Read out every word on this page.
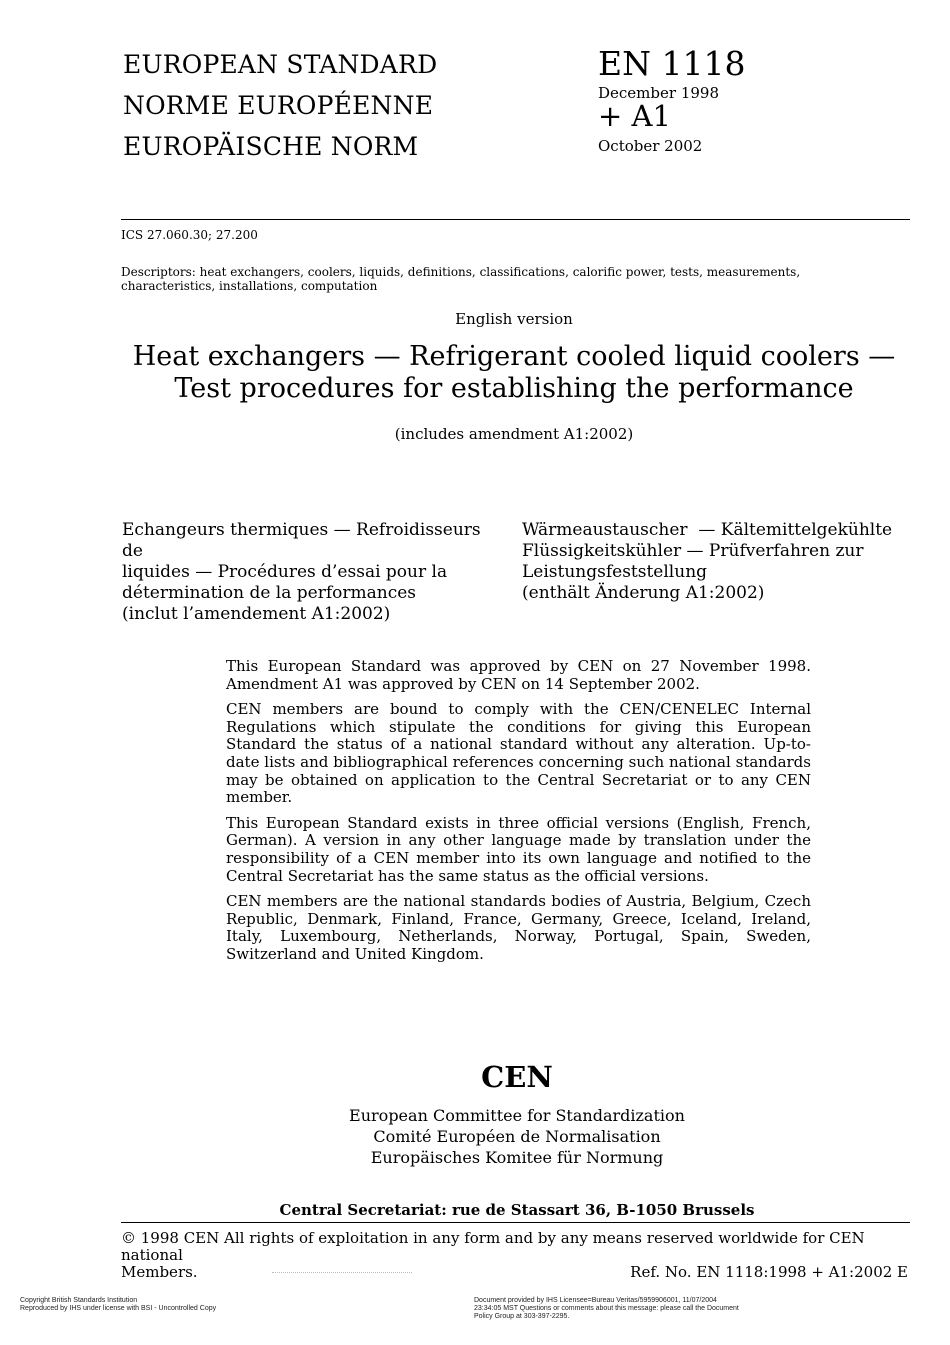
EUROPEAN STANDARD
NORME EUROPÉENNE
EUROPÄISCHE NORM
EN 1118
December 1998
+ A1
October 2002
ICS 27.060.30; 27.200
Descriptors: heat exchangers, coolers, liquids, definitions, classifications, calorific power, tests, measurements, characteristics, installations, computation
English version
Heat exchangers — Refrigerant cooled liquid coolers — Test procedures for establishing the performance
(includes amendment A1:2002)
Echangeurs thermiques — Refroidisseurs de
liquides — Procédures d’essai pour la
détermination de la performances
(inclut l’amendement A1:2002)
Wärmeaustauscher  — Kältemittelgekühlte
Flüssigkeitskühler — Prüfverfahren zur
Leistungsfeststellung
(enthält Änderung A1:2002)

This European Standard was approved by CEN on 27 November 1998. Amendment A1 was approved by CEN on 14 September 2002.

CEN members are bound to comply with the CEN/CENELEC Internal Regulations which stipulate the conditions for giving this European Standard the status of a national standard without any alteration. Up-to-date lists and bibliographical references concerning such national standards may be obtained on application to the Central Secretariat or to any CEN member.

This European Standard exists in three official versions (English, French, German). A version in any other language made by translation under the responsibility of a CEN member into its own language and notified to the Central Secretariat has the same status as the official versions.

CEN members are the national standards bodies of Austria, Belgium, Czech Republic, Denmark, Finland, France, Germany, Greece, Iceland, Ireland, Italy, Luxembourg, Netherlands, Norway, Portugal, Spain, Sweden, Switzerland and United Kingdom.

CEN
European Committee for Standardization
Comité Européen de Normalisation
Europäisches Komitee für Normung
Central Secretariat: rue de Stassart 36, B-1050 Brussels
© 1998 CEN All rights of exploitation in any form and by any means reserved worldwide for CEN national
Members.	Ref. No. EN 1118:1998 + A1:2002 E
Copyright British Standards Institution
Reproduced by IHS under license with BSI - Uncontrolled Copy
Document provided by IHS Licensee=Bureau Veritas/5959906001, 11/07/2004
23:34:05 MST Questions or comments about this message: please call the Document
Policy Group at 303-397-2295.
